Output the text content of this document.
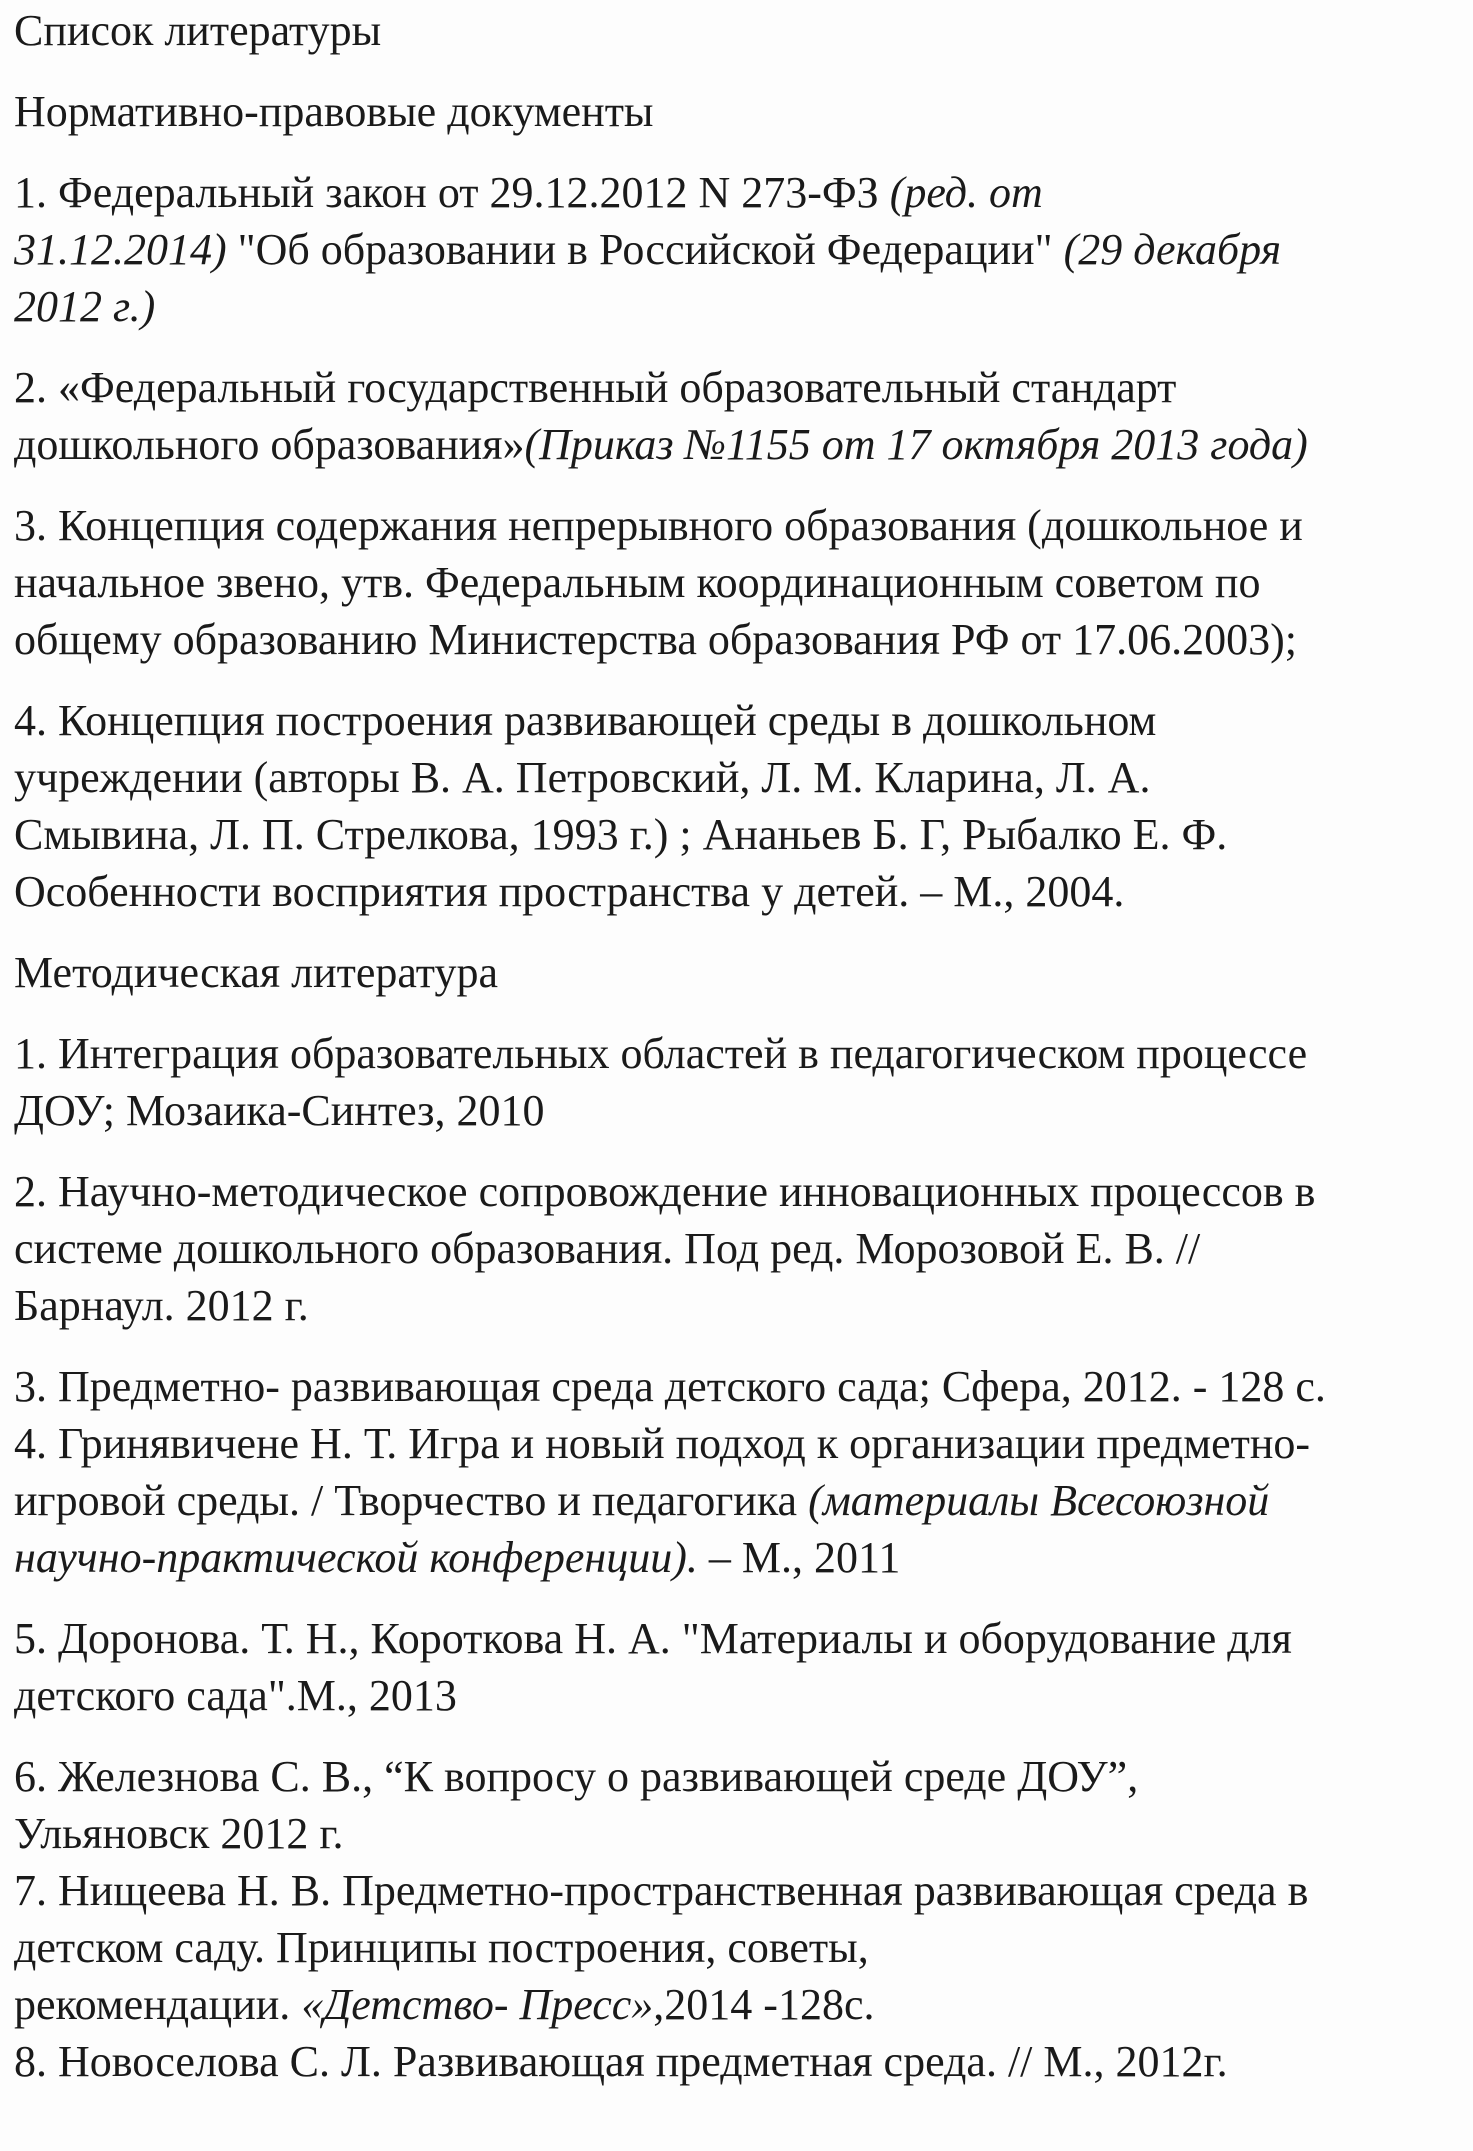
Список литературы
Нормативно-правовые документы
1. Федеральный закон от 29.12.2012 N 273-ФЗ (ред. от
31.12.2014) "Об образовании в Российской Федерации" (29 декабря
2012 г.)
2. «Федеральный государственный образовательный стандарт
дошкольного образования»(Приказ №1155 от 17 октября 2013 года)
3. Концепция содержания непрерывного образования (дошкольное и
начальное звено, утв. Федеральным координационным советом по
общему образованию Министерства образования РФ от 17.06.2003);
4. Концепция построения развивающей среды в дошкольном
учреждении (авторы В. А. Петровский, Л. М. Кларина, Л. А.
Смывина, Л. П. Стрелкова, 1993 г.) ; Ананьев Б. Г, Рыбалко Е. Ф.
Особенности восприятия пространства у детей. – М., 2004.
Методическая литература
1. Интеграция образовательных областей в педагогическом процессе
ДОУ; Мозаика-Синтез, 2010
2. Научно-методическое сопровождение инновационных процессов в
системе дошкольного образования. Под ред. Морозовой Е. В. //
Барнаул. 2012 г.
3. Предметно- развивающая среда детского сада; Сфера, 2012. - 128 с.
4. Гринявичене Н. Т. Игра и новый подход к организации предметно-
игровой среды. / Творчество и педагогика (материалы Всесоюзной
научно-практической конференции). – М., 2011
5. Доронова. Т. Н., Короткова Н. А. "Материалы и оборудование для
детского сада".М., 2013
6. Железнова С. В., “К вопросу о развивающей среде ДОУ”,
Ульяновск 2012 г.
7. Нищеева Н. В. Предметно-пространственная развивающая среда в
детском саду. Принципы построения, советы,
рекомендации. «Детство- Пресс»,2014 -128с.
8. Новоселова С. Л. Развивающая предметная среда. // М., 2012г.
